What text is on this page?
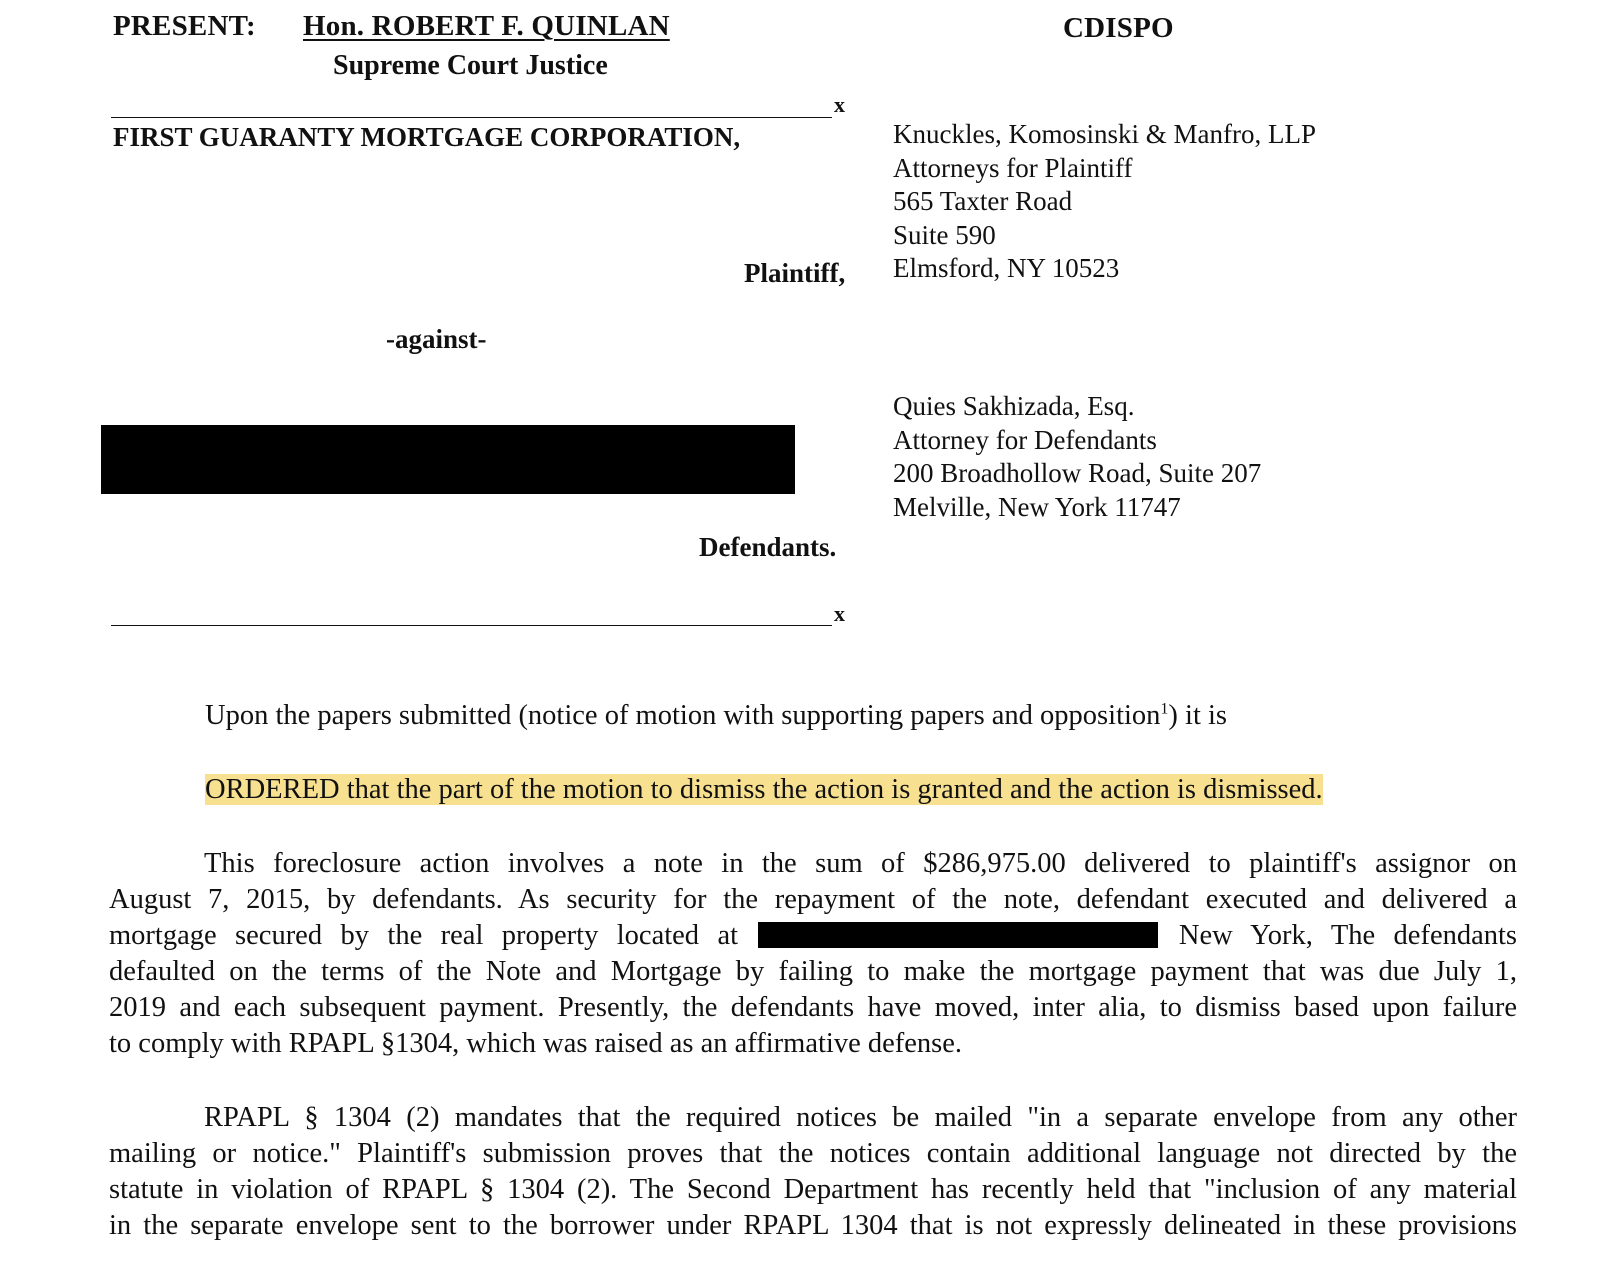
PRESENT: Hon. ROBERT F. QUINLAN
Supreme Court Justice
CDISPO
x
FIRST GUARANTY MORTGAGE CORPORATION,
Plaintiff,
Knuckles, Komosinski & Manfro, LLP
Attorneys for Plaintiff
565 Taxter Road
Suite 590
Elmsford, NY 10523
-against-
Quies Sakhizada, Esq.
Attorney for Defendants
200 Broadhollow Road, Suite 207
Melville, New York 11747
Defendants.
x
Upon the papers submitted (notice of motion with supporting papers and opposition$^1$) it is
ORDERED that the part of the motion to dismiss the action is granted and the action is dismissed.
This foreclosure action involves a note in the sum of $286,975.00 delivered to plaintiff's assignor on
August 7, 2015, by defendants. As security for the repayment of the note, defendant executed and delivered a
mortgage secured by the real property located at	New York, The defendants
defaulted on the terms of the Note and Mortgage by failing to make the mortgage payment that was due July 1,
2019 and each subsequent payment. Presently, the defendants have moved, inter alia, to dismiss based upon failure
to comply with RPAPL §1304, which was raised as an affirmative defense.
RPAPL § 1304 (2) mandates that the required notices be mailed "in a separate envelope from any other
mailing or notice." Plaintiff's submission proves that the notices contain additional language not directed by the
statute in violation of RPAPL § 1304 (2). The Second Department has recently held that "inclusion of any material
in the separate envelope sent to the borrower under RPAPL 1304 that is not expressly delineated in these provisions
